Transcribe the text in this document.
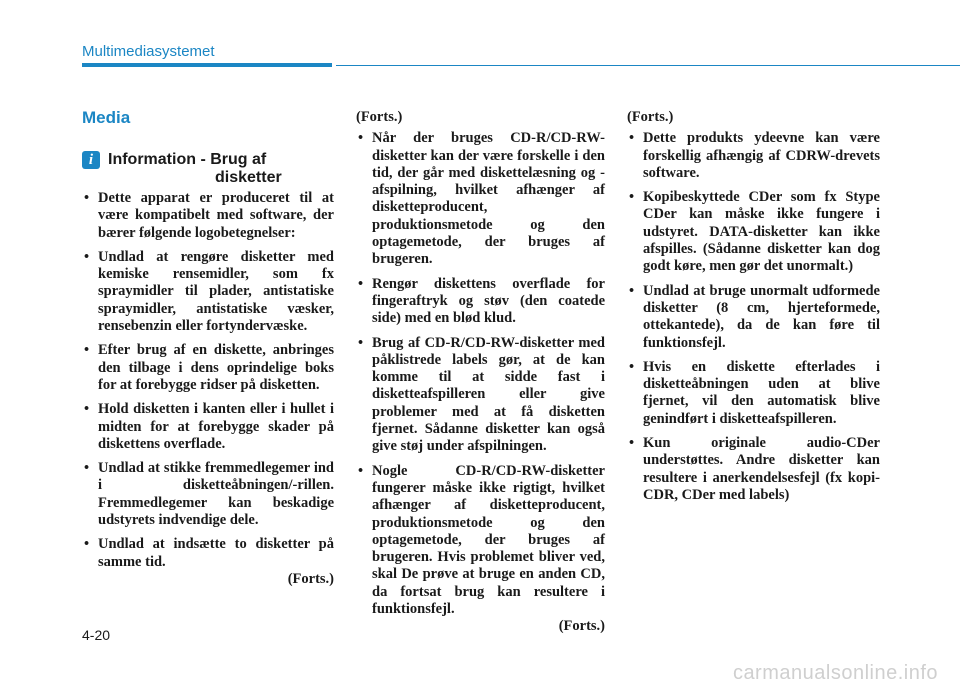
Multimediasystemet
Media
i Information - Brug af
disketter
• Dette apparat er produceret til at være kompatibelt med software, der bærer følgende logobetegnelser:
• Undlad at rengøre disketter med kemiske rensemidler, som fx spraymidler til plader, antistatiske spraymidler, antistatiske væsker, rensebenzin eller fortyndervæske.
• Efter brug af en diskette, anbringes den tilbage i dens oprindelige boks for at forebygge ridser på disketten.
• Hold disketten i kanten eller i hullet i midten for at forebygge skader på diskettens overflade.
• Undlad at stikke fremmedlegemer ind i disketteåbningen/-rillen. Fremmedlegemer kan beskadige udstyrets indvendige dele.
• Undlad at indsætte to disketter på samme tid.
(Forts.)
(Forts.)
• Når der bruges CD-R/CD-RW-disketter kan der være forskelle i den tid, der går med diskettelæsning og -afspilning, hvilket afhænger af disketteproducent, produktionsmetode og den optagemetode, der bruges af brugeren.
• Rengør diskettens overflade for fingeraftryk og støv (den coatede side) med en blød klud.
• Brug af CD-R/CD-RW-disketter med påklistrede labels gør, at de kan komme til at sidde fast i disketteafspilleren eller give problemer med at få disketten fjernet. Sådanne disketter kan også give støj under afspilningen.
• Nogle CD-R/CD-RW-disketter fungerer måske ikke rigtigt, hvilket afhænger af disketteproducent, produktionsmetode og den optagemetode, der bruges af brugeren. Hvis problemet bliver ved, skal De prøve at bruge en anden CD, da fortsat brug kan resultere i funktionsfejl.
(Forts.)
(Forts.)
• Dette produkts ydeevne kan være forskellig afhængig af CDRW-drevets software.
• Kopibeskyttede CDer som fx Stype CDer kan måske ikke fungere i udstyret. DATA-disketter kan ikke afspilles. (Sådanne disketter kan dog godt køre, men gør det unormalt.)
• Undlad at bruge unormalt udformede disketter (8 cm, hjerteformede, ottekantede), da de kan føre til funktionsfejl.
• Hvis en diskette efterlades i disketteåbningen uden at blive fjernet, vil den automatisk blive genindført i disketteafspilleren.
• Kun originale audio-CDer understøttes. Andre disketter kan resultere i anerkendelsesfejl (fx kopi-CDR, CDer med labels)
4-20
carmanualsonline.info
